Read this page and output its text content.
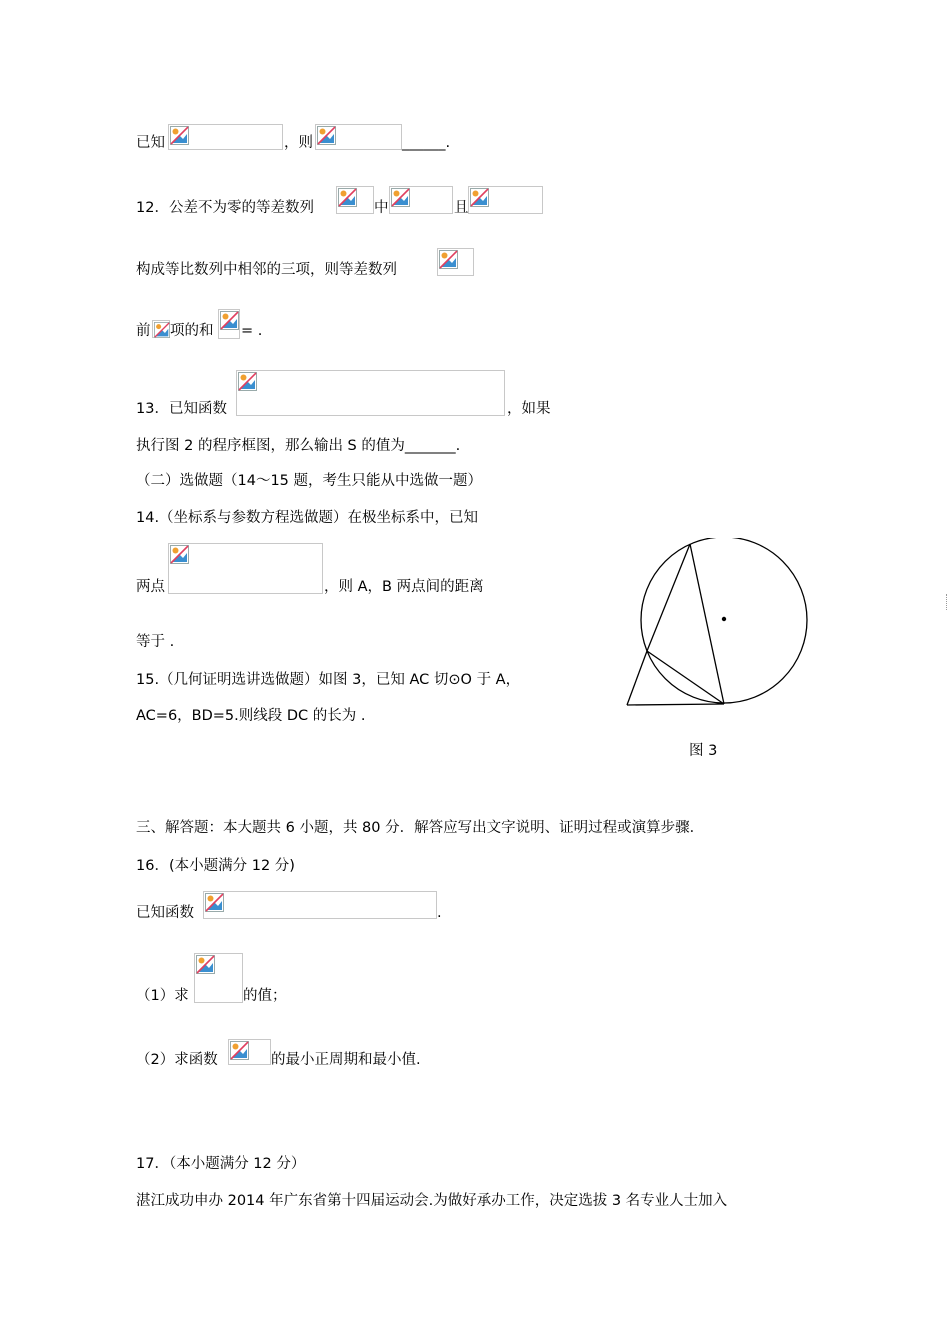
已知	，则	______.
12．公差不为零的等差数列	中	且
构成等比数列中相邻的三项，则等差数列
前 项的和 = .
13．已知函数	，如果
执行图 2 的程序框图，那么输出 S 的值为_______.
（二）选做题（14～15 题，考生只能从中选做一题）
14.（坐标系与参数方程选做题）在极坐标系中，已知
两点	，则 A，B 两点间的距离
等于 .
15.（几何证明选讲选做题）如图 3，已知 AC 切⊙O 于 A，
AC=6，BD=5.则线段 DC 的长为 .
图 3
三、解答题：本大题共 6 小题，共 80 分．解答应写出文字说明、证明过程或演算步骤．
16．(本小题满分 12 分)
已知函数	.
（1）求	的值；
（2）求函数	的最小正周期和最小值.
17．（本小题满分 12 分）
湛江成功申办 2014 年广东省第十四届运动会.为做好承办工作，决定选拔 3 名专业人士加入
